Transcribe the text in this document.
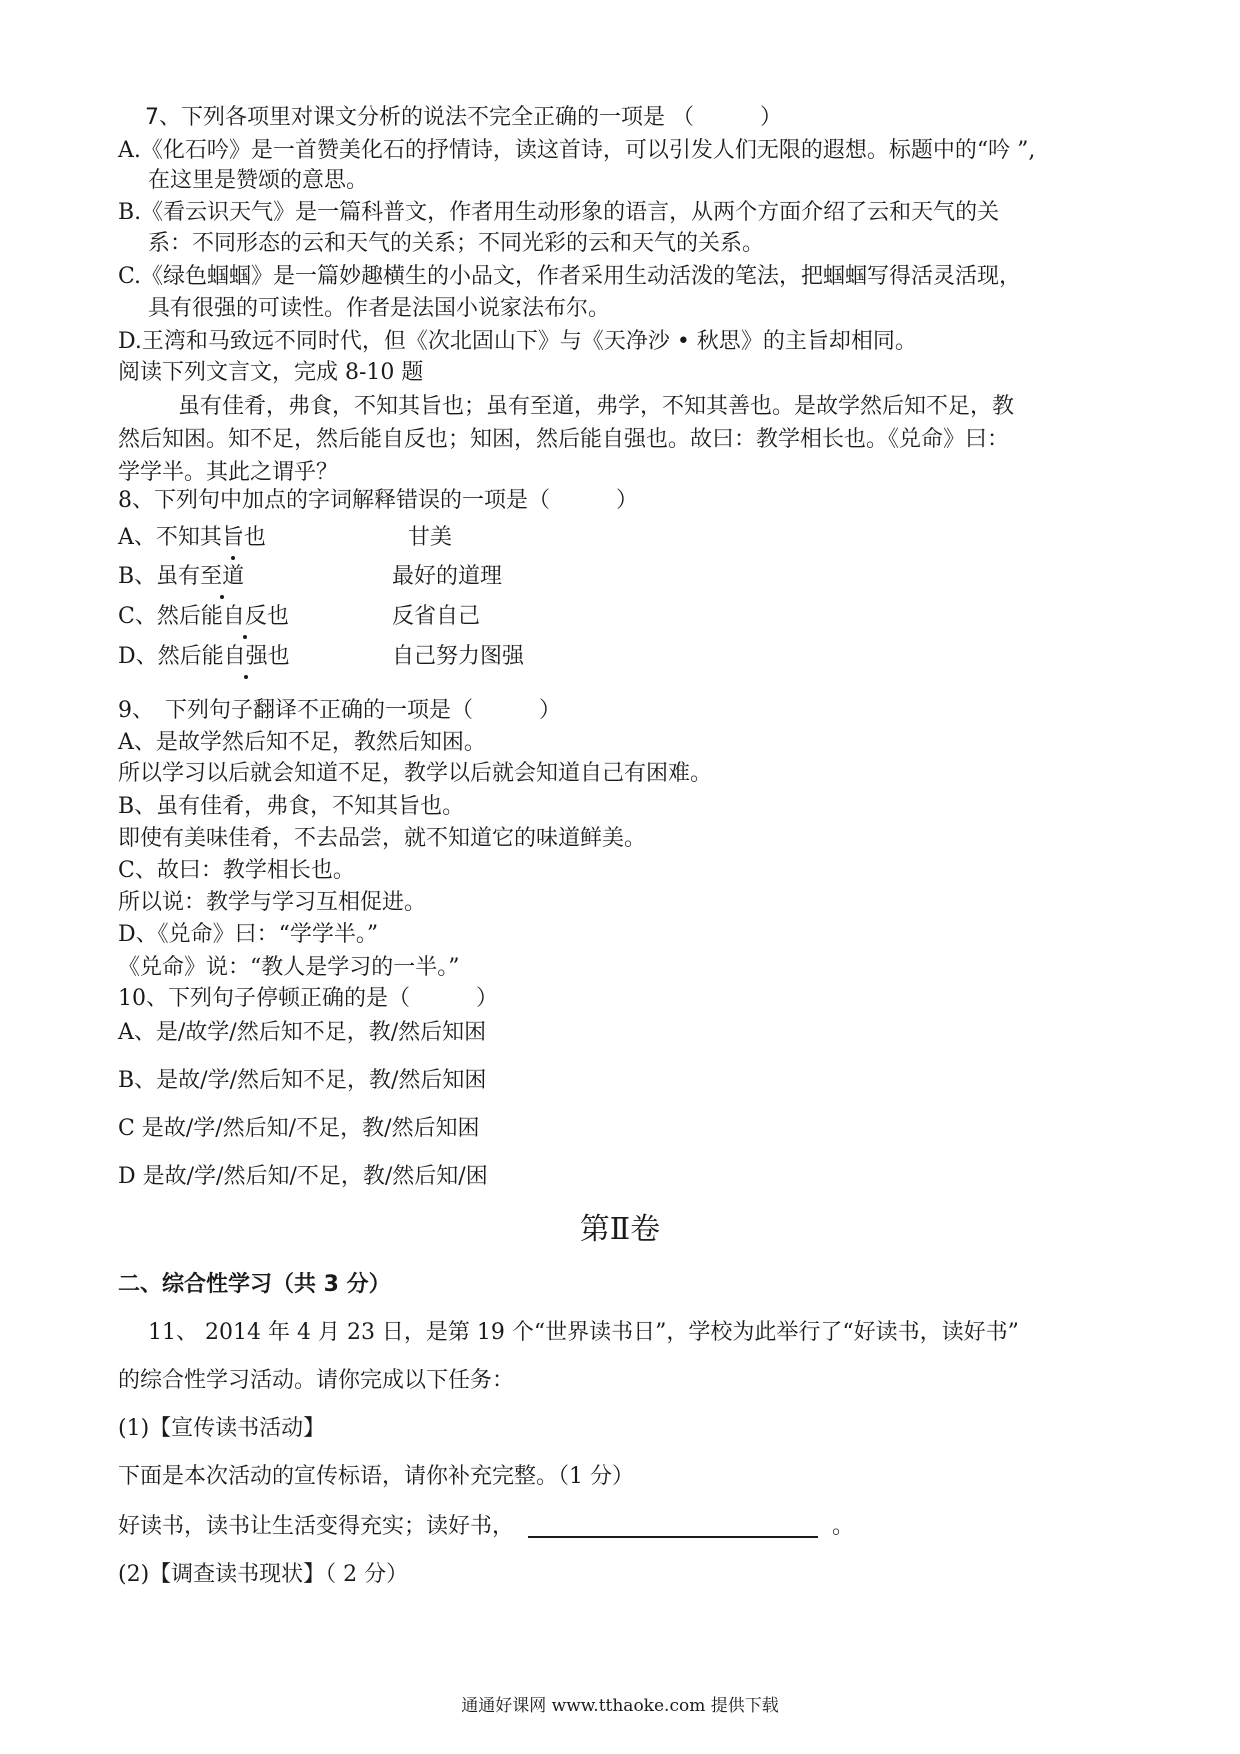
7、下列各项里对课文分析的说法不完全正确的一项是 （　　　）
A.《化石吟》是一首赞美化石的抒情诗，读这首诗，可以引发人们无限的遐想。标题中的“吟 ”,
在这里是赞颂的意思。
B.《看云识天气》是一篇科普文，作者用生动形象的语言，从两个方面介绍了云和天气的关
系：不同形态的云和天气的关系；不同光彩的云和天气的关系。
C.《绿色蝈蝈》是一篇妙趣横生的小品文，作者采用生动活泼的笔法，把蝈蝈写得活灵活现，
具有很强的可读性。作者是法国小说家法布尔。
D.王湾和马致远不同时代，但《次北固山下》与《天净沙 • 秋思》的主旨却相同。
阅读下列文言文，完成 8-10 题
虽有佳肴，弗食，不知其旨也；虽有至道，弗学，不知其善也。是故学然后知不足，教
然后知困。知不足，然后能自反也；知困，然后能自强也。故曰：教学相长也。《兑命》曰：
学学半。其此之谓乎？
8、下列句中加点的字词解释错误的一项是（　　　）
A、不知其旨也	甘美
B、虽有至道	最好的道理
C、然后能自反也	反省自己
D、然后能自强也	自己努力图强
9、　下列句子翻译不正确的一项是（　　　）
A、是故学然后知不足，教然后知困。
所以学习以后就会知道不足，教学以后就会知道自己有困难。
B、虽有佳肴，弗食，不知其旨也。
即使有美味佳肴，不去品尝，就不知道它的味道鲜美。
C、故曰：教学相长也。
所以说：教学与学习互相促进。
D、《兑命》曰：“学学半。”
《兑命》说：“教人是学习的一半。”
10、下列句子停顿正确的是（　　　）
A、是/故学/然后知不足，教/然后知困
B、是故/学/然后知不足，教/然后知困
C 是故/学/然后知/不足，教/然后知困
D 是故/学/然后知/不足，教/然后知/困
第Ⅱ卷
二、综合性学习（共 3 分）
11、 2014 年 4 月 23 日，是第 19 个“世界读书日”，学校为此举行了“好读书，读好书”
的综合性学习活动。请你完成以下任务：
(1)【宣传读书活动】
下面是本次活动的宣传标语，请你补充完整。（1 分）
好读书，读书让生活变得充实；读好书，	。
(2)【调查读书现状】（ 2 分）
通通好课网 www.tthaoke.com 提供下载
